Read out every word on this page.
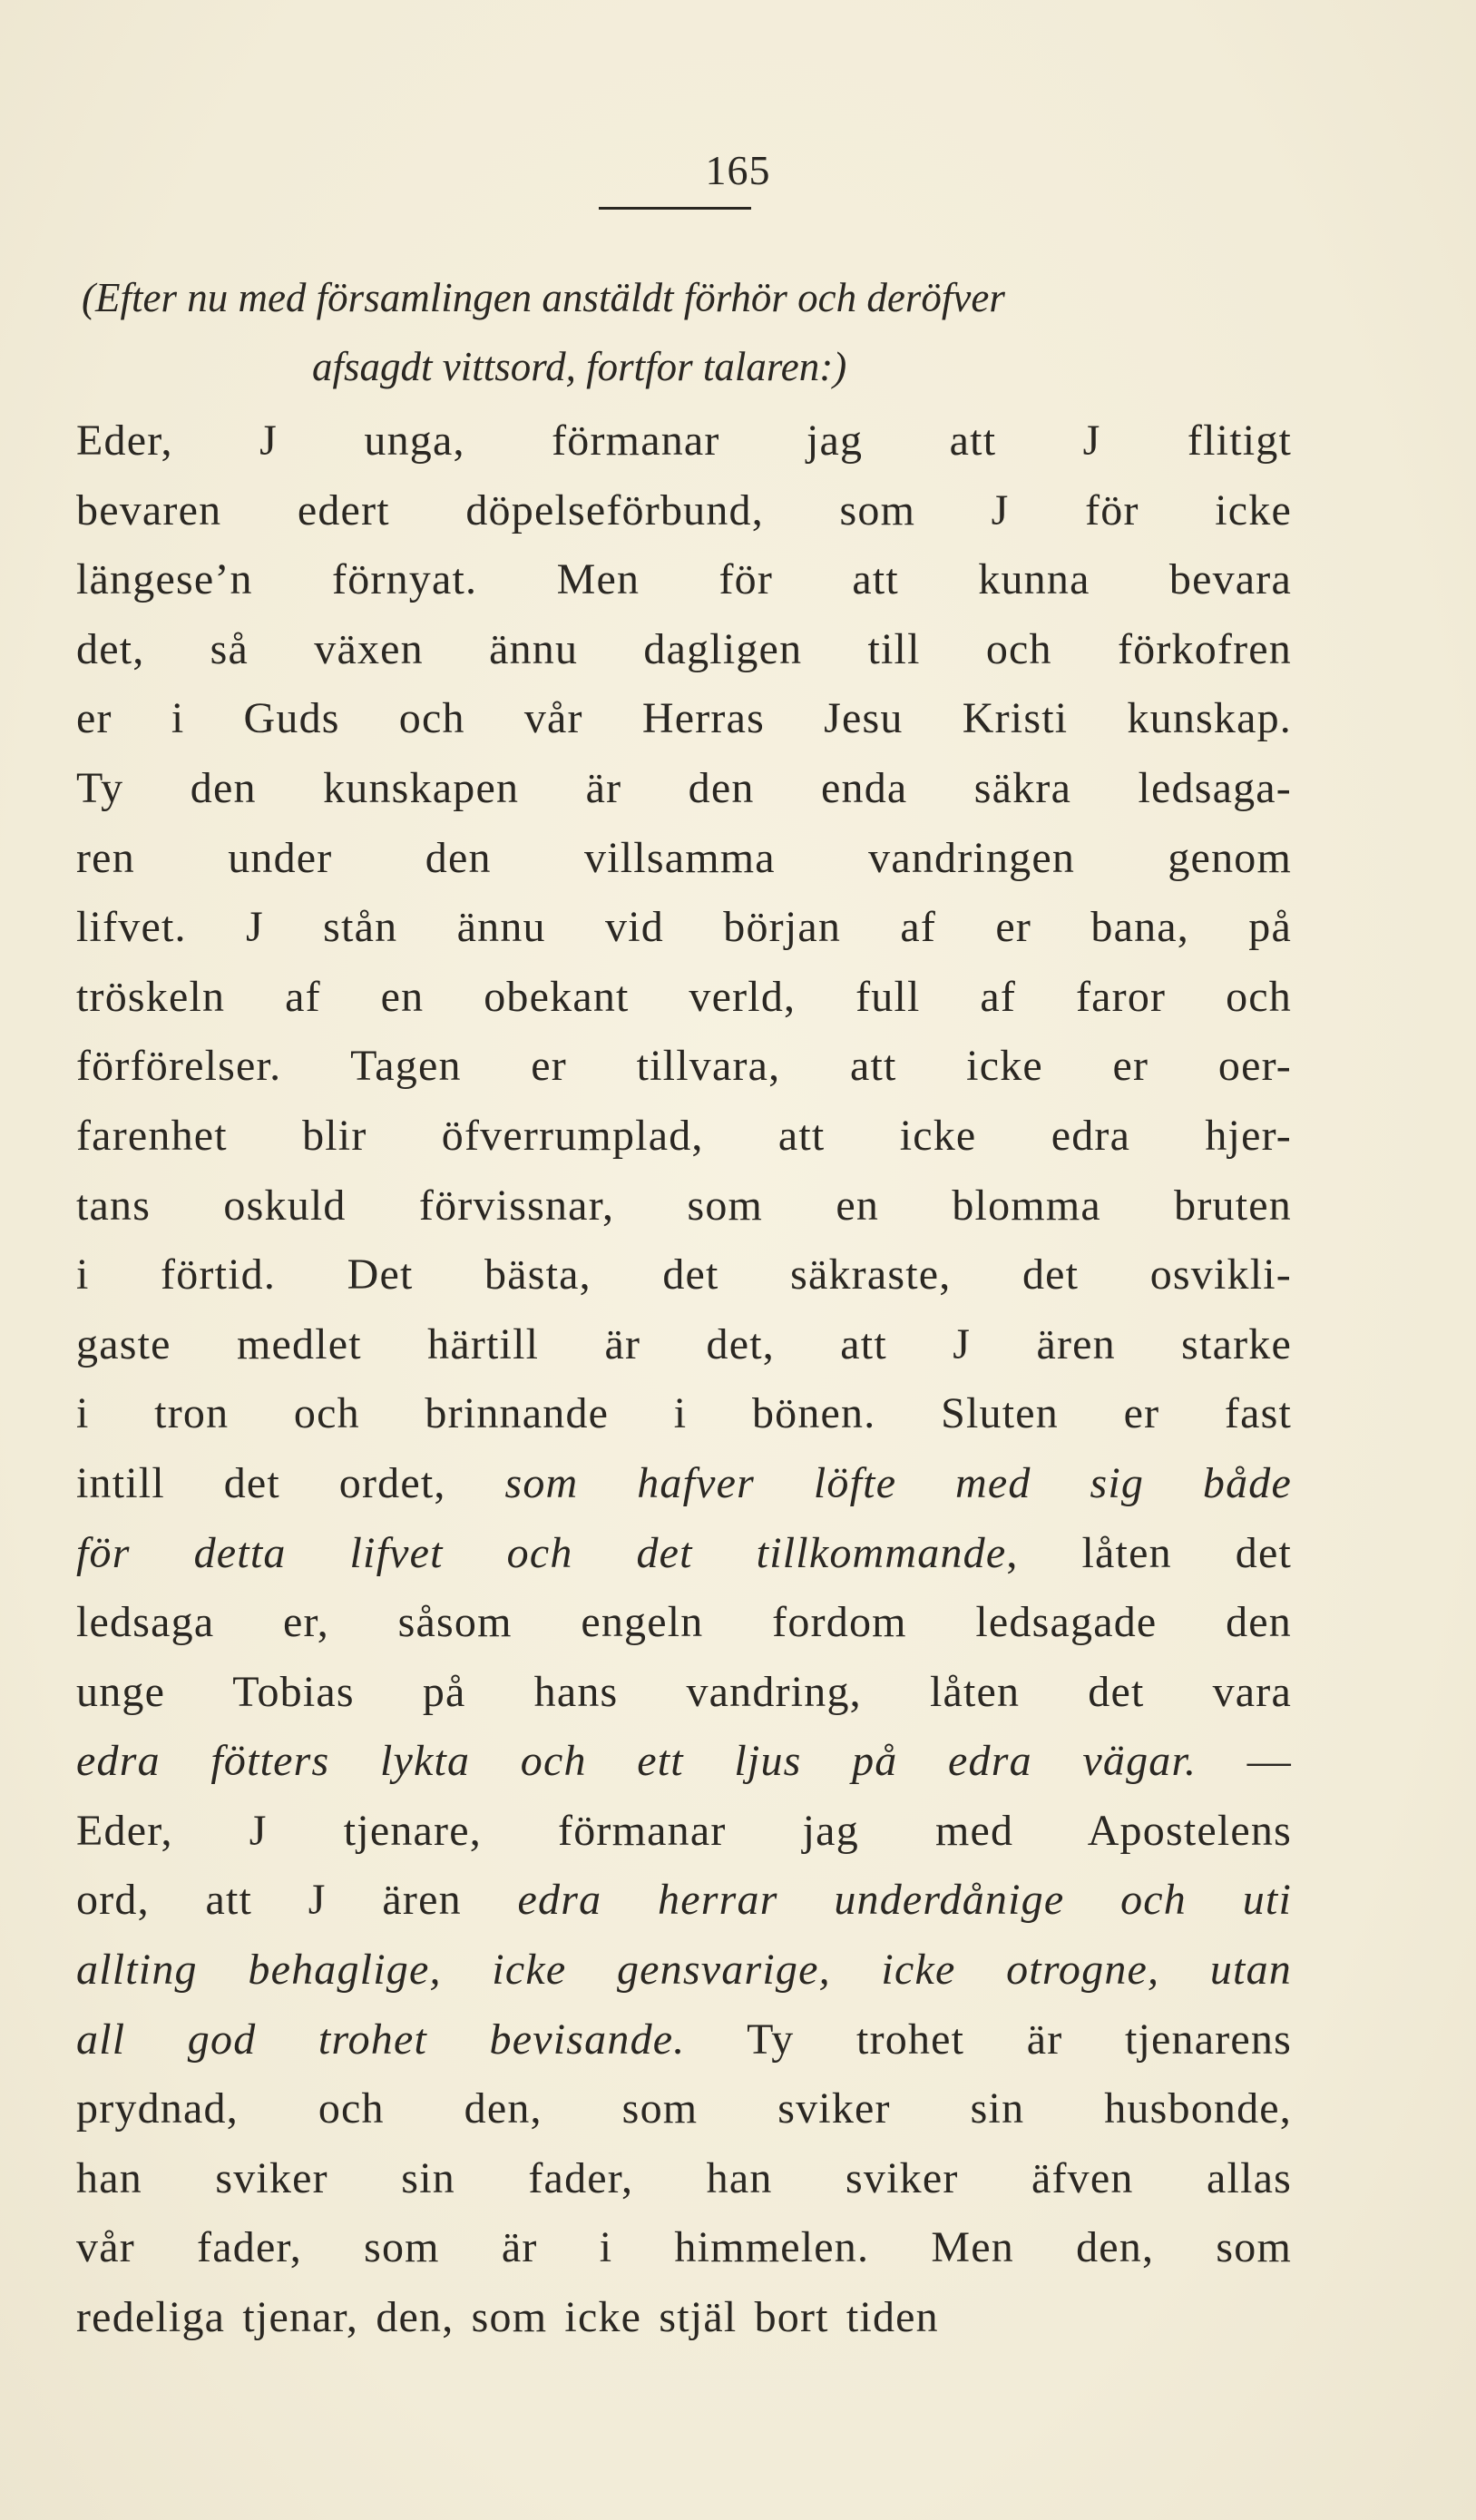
165
(Efter nu med församlingen anstäldt förhör och deröfver
afsagdt vittsord, fortfor talaren:)
Eder, J unga, förmanar jag att J flitigt
bevaren edert döpelseförbund, som J för icke
längese’n förnyat. Men för att kunna bevara
det, så växen ännu dagligen till och förkofren
er i Guds och vår Herras Jesu Kristi kunskap.
Ty den kunskapen är den enda säkra ledsaga-
ren under den villsamma vandringen genom
lifvet. J stån ännu vid början af er bana, på
tröskeln af en obekant verld, full af faror och
förförelser. Tagen er tillvara, att icke er oer-
farenhet blir öfverrumplad, att icke edra hjer-
tans oskuld förvissnar, som en blomma bruten
i förtid. Det bästa, det säkraste, det osvikli-
gaste medlet härtill är det, att J ären starke
i tron och brinnande i bönen. Sluten er fast
intill det ordet, som hafver löfte med sig både
för detta lifvet och det tillkommande, låten det
ledsaga er, såsom engeln fordom ledsagade den
unge Tobias på hans vandring, låten det vara
edra fötters lykta och ett ljus på edra vägar. —
Eder, J tjenare, förmanar jag med Apostelens
ord, att J ären edra herrar underdånige och uti
allting behaglige, icke gensvarige, icke otrogne, utan
all god trohet bevisande. Ty trohet är tjenarens
prydnad, och den, som sviker sin husbonde,
han sviker sin fader, han sviker äfven allas
vår fader, som är i himmelen. Men den, som
redeliga tjenar, den, som icke stjäl bort tiden
